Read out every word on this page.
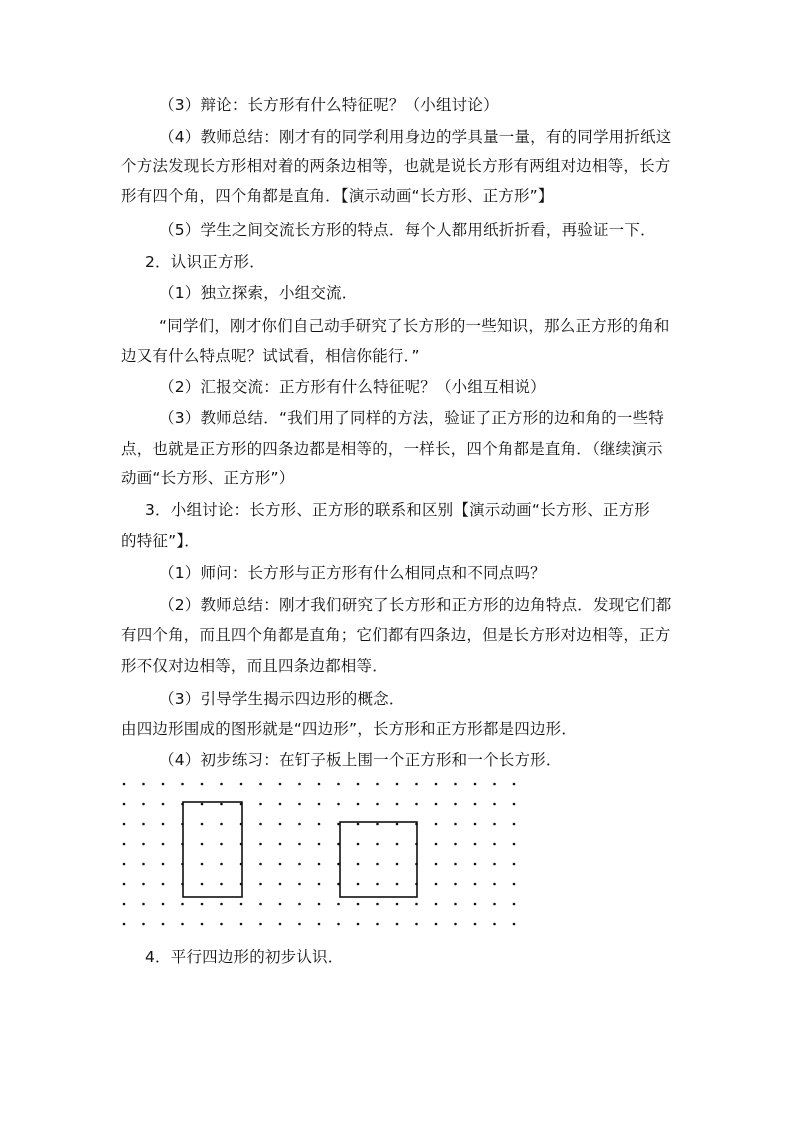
（3）辩论：长方形有什么特征呢？（小组讨论）
（4）教师总结：刚才有的同学利用身边的学具量一量，有的同学用折纸这
个方法发现长方形相对着的两条边相等，也就是说长方形有两组对边相等，长方
形有四个角，四个角都是直角．【演示动画“长方形、正方形”】
（5）学生之间交流长方形的特点．每个人都用纸折折看，再验证一下．
2．认识正方形．
（1）独立探索，小组交流．
“同学们，刚才你们自己动手研究了长方形的一些知识，那么正方形的角和
边又有什么特点呢？试试看，相信你能行．”
（2）汇报交流：正方形有什么特征呢？（小组互相说）
（3）教师总结．“我们用了同样的方法，验证了正方形的边和角的一些特
点，也就是正方形的四条边都是相等的，一样长，四个角都是直角．（继续演示
动画“长方形、正方形”）
3．小组讨论：长方形、正方形的联系和区别【演示动画“长方形、正方形
的特征”】．
（1）师问：长方形与正方形有什么相同点和不同点吗？
（2）教师总结：刚才我们研究了长方形和正方形的边角特点．发现它们都
有四个角，而且四个角都是直角；它们都有四条边，但是长方形对边相等，正方
形不仅对边相等，而且四条边都相等．
（3）引导学生揭示四边形的概念．
由四边形围成的图形就是“四边形”，长方形和正方形都是四边形．
（4）初步练习：在钉子板上围一个正方形和一个长方形．
4．平行四边形的初步认识．
